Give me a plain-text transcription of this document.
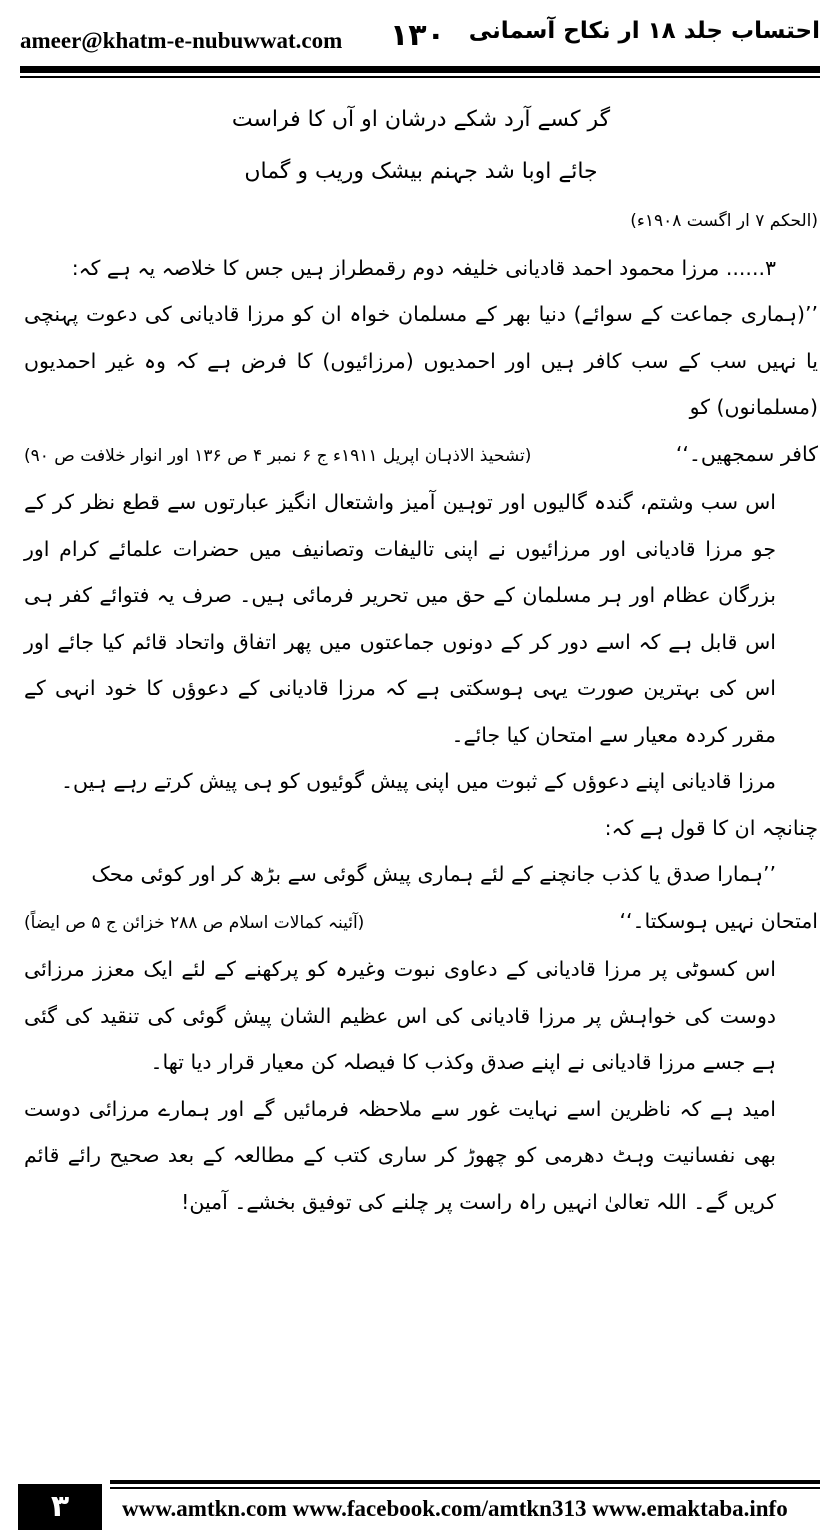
ameer@khatm-e-nubuwwat.com ۱۳۰ احتساب جلد ۱۸ ار نکاح آسمانی

گر کسے آرد شکے درشان او آں کا فراست

جائے اوبا شد جہنم بیشک وریب و گماں

(الحکم ۷ ار اگست ۱۹۰۸ء)

۳...... مرزا محمود احمد قادیانی خلیفہ دوم رقمطراز ہیں جس کا خلاصہ یہ ہے کہ:

’’(ہماری جماعت کے سوائے) دنیا بھر کے مسلمان خواہ ان کو مرزا قادیانی کی دعوت پہنچی یا نہیں سب کے سب کافر ہیں اور احمدیوں (مرزائیوں) کا فرض ہے کہ وہ غیر احمدیوں (مسلمانوں) کو

کافر سمجھیں۔‘‘
(تشحیذ الاذہان اپریل ۱۹۱۱ء ج ۶ نمبر ۴ ص ۱۳۶ اور انوار خلافت ص ۹۰)

اس سب وشتم، گندہ گالیوں اور توہین آمیز واشتعال انگیز عبارتوں سے قطع نظر کر کے جو مرزا قادیانی اور مرزائیوں نے اپنی تالیفات وتصانیف میں حضرات علمائے کرام اور بزرگان عظام اور ہر مسلمان کے حق میں تحریر فرمائی ہیں۔ صرف یہ فتوائے کفر ہی اس قابل ہے کہ اسے دور کر کے دونوں جماعتوں میں پھر اتفاق واتحاد قائم کیا جائے اور اس کی بہترین صورت یہی ہوسکتی ہے کہ مرزا قادیانی کے دعوؤں کا خود انہی کے مقرر کردہ معیار سے امتحان کیا جائے۔

مرزا قادیانی اپنے دعوؤں کے ثبوت میں اپنی پیش گوئیوں کو ہی پیش کرتے رہے ہیں۔

چنانچہ ان کا قول ہے کہ:

’’ہمارا صدق یا کذب جانچنے کے لئے ہماری پیش گوئی سے بڑھ کر اور کوئی محک

امتحان نہیں ہوسکتا۔‘‘
(آئینہ کمالات اسلام ص ۲۸۸ خزائن ج ۵ ص ایضاً)

اس کسوٹی پر مرزا قادیانی کے دعاوی نبوت وغیرہ کو پرکھنے کے لئے ایک معزز مرزائی دوست کی خواہش پر مرزا قادیانی کی اس عظیم الشان پیش گوئی کی تنقید کی گئی ہے جسے مرزا قادیانی نے اپنے صدق وکذب کا فیصلہ کن معیار قرار دیا تھا۔

امید ہے کہ ناظرین اسے نہایت غور سے ملاحظہ فرمائیں گے اور ہمارے مرزائی دوست بھی نفسانیت وہٹ دھرمی کو چھوڑ کر ساری کتب کے مطالعہ کے بعد صحیح رائے قائم کریں گے۔ اللہ تعالیٰ انہیں راہ راست پر چلنے کی توفیق بخشے۔ آمین!

۳	www.amtkn.com www.facebook.com/amtkn313 www.emaktaba.info
